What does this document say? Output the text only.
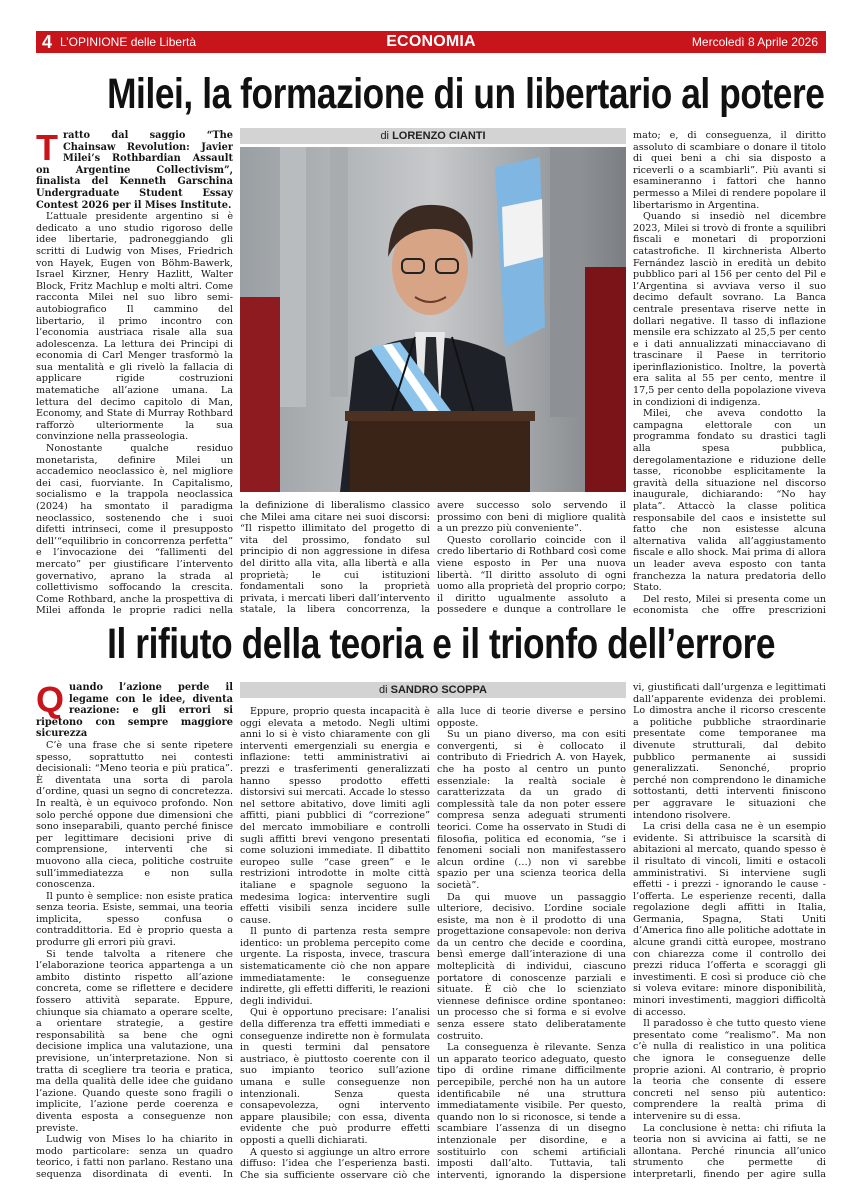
4 L’OPINIONE delle Libertà	ECONOMIA	Mercoledì 8 Aprile 2026
Milei, la formazione di un libertario al potere
di LORENZO CIANTI

Tratto dal saggio “The Chainsaw Revolution: Javier Milei’s Rothbardian Assault on Argentine Collectivism”, finalista del Kenneth Garschina Undergraduate Student Essay Contest 2026 per il Mises Institute.

L’attuale presidente argentino si è dedicato a uno studio rigoroso delle idee libertarie, padroneggiando gli scritti di Ludwig von Mises, Friedrich von Hayek, Eugen von Böhm-Bawerk, Israel Kirzner, Henry Hazlitt, Walter Block, Fritz Machlup e molti altri. Come racconta Milei nel suo libro semi-autobiografico Il cammino del libertario, il primo incontro con l’economia austriaca risale alla sua adolescenza. La lettura dei Principi di economia di Carl Menger trasformò la sua mentalità e gli rivelò la fallacia di applicare rigide costruzioni matematiche all’azione umana. La lettura del decimo capitolo di Man, Economy, and State di Murray Rothbard rafforzò ulteriormente la sua convinzione nella prasseologia.

Nonostante qualche residuo monetarista, definire Milei un accademico neoclassico è, nel migliore dei casi, fuorviante. In Capitalismo, socialismo e la trappola neoclassica (2024) ha smontato il paradigma neoclassico, sostenendo che i suoi difetti intrinseci, come il presupposto dell’“equilibrio in concorrenza perfetta” e l’invocazione dei “fallimenti del mercato” per giustificare l’intervento governativo, aprano la strada al collettivismo soffocando la crescita. Come Rothbard, anche la prospettiva di Milei affonda le proprie radici nella

la definizione di liberalismo classico che Milei ama citare nei suoi discorsi: “Il rispetto illimitato del progetto di vita del prossimo, fondato sul principio di non aggressione in difesa del diritto alla vita, alla libertà e alla proprietà; le cui istituzioni fondamentali sono la proprietà privata, i mercati liberi dall’intervento statale, la libera concorrenza, la

avere successo solo servendo il prossimo con beni di migliore qualità a un prezzo più conveniente”.

Questo corollario coincide con il credo libertario di Rothbard così come viene esposto in Per una nuova libertà. “Il diritto assoluto di ogni uomo alla proprietà del proprio corpo; il diritto ugualmente assoluto a possedere e dunque a controllare le

mato; e, di conseguenza, il diritto assoluto di scambiare o donare il titolo di quei beni a chi sia disposto a riceverli o a scambiarli”. Più avanti si esamineranno i fattori che hanno permesso a Milei di rendere popolare il libertarismo in Argentina.

Quando si insediò nel dicembre 2023, Milei si trovò di fronte a squilibri fiscali e monetari di proporzioni catastrofiche. Il kirchnerista Alberto Fernández lasciò in eredità un debito pubblico pari al 156 per cento del Pil e l’Argentina si avviava verso il suo decimo default sovrano. La Banca centrale presentava riserve nette in dollari negative. Il tasso di inflazione mensile era schizzato al 25,5 per cento e i dati annualizzati minacciavano di trascinare il Paese in territorio iperinflazionistico. Inoltre, la povertà era salita al 55 per cento, mentre il 17,5 per cento della popolazione viveva in condizioni di indigenza.

Milei, che aveva condotto la campagna elettorale con un programma fondato su drastici tagli alla spesa pubblica, deregolamentazione e riduzione delle tasse, riconobbe esplicitamente la gravità della situazione nel discorso inaugurale, dichiarando: “No hay plata”. Attaccò la classe politica responsabile del caos e insistette sul fatto che non esistesse alcuna alternativa valida all’aggiustamento fiscale e allo shock. Mai prima di allora un leader aveva esposto con tanta franchezza la natura predatoria dello Stato.

Del resto, Milei si presenta come un economista che offre prescrizioni

Il rifiuto della teoria e il trionfo dell’errore
di SANDRO SCOPPA

Quando l’azione perde il legame con le idee, diventa reazione: e gli errori si ripetono con sempre maggiore sicurezza

C’è una frase che si sente ripetere spesso, soprattutto nei contesti decisionali: “Meno teoria e più pratica”. È diventata una sorta di parola d’ordine, quasi un segno di concretezza. In realtà, è un equivoco profondo. Non solo perché oppone due dimensioni che sono inseparabili, quanto perché finisce per legittimare decisioni prive di comprensione, interventi che si muovono alla cieca, politiche costruite sull’immediatezza e non sulla conoscenza.

Il punto è semplice: non esiste pratica senza teoria. Esiste, semmai, una teoria implicita, spesso confusa o contraddittoria. Ed è proprio questa a produrre gli errori più gravi.

Si tende talvolta a ritenere che l’elaborazione teorica appartenga a un ambito distinto rispetto all’azione concreta, come se riflettere e decidere fossero attività separate. Eppure, chiunque sia chiamato a operare scelte, a orientare strategie, a gestire responsabilità sa bene che ogni decisione implica una valutazione, una previsione, un’interpretazione. Non si tratta di scegliere tra teoria e pratica, ma della qualità delle idee che guidano l’azione. Quando queste sono fragili o implicite, l’azione perde coerenza e diventa esposta a conseguenze non previste.

Ludwig von Mises lo ha chiarito in modo particolare: senza un quadro teorico, i fatti non parlano. Restano una sequenza disordinata di eventi. In

Eppure, proprio questa incapacità è oggi elevata a metodo. Negli ultimi anni lo si è visto chiaramente con gli interventi emergenziali su energia e inflazione: tetti amministrativi ai prezzi e trasferimenti generalizzati hanno spesso prodotto effetti distorsivi sui mercati. Accade lo stesso nel settore abitativo, dove limiti agli affitti, piani pubblici di “correzione” del mercato immobiliare e controlli sugli affitti brevi vengono presentati come soluzioni immediate. Il dibattito europeo sulle “case green” e le restrizioni introdotte in molte città italiane e spagnole seguono la medesima logica: interventire sugli effetti visibili senza incidere sulle cause.

Il punto di partenza resta sempre identico: un problema percepito come urgente. La risposta, invece, trascura sistematicamente ciò che non appare immediatamente: le conseguenze indirette, gli effetti differiti, le reazioni degli individui.

Qui è opportuno precisare: l’analisi della differenza tra effetti immediati e conseguenze indirette non è formulata in questi termini dal pensatore austriaco, è piuttosto coerente con il suo impianto teorico sull’azione umana e sulle conseguenze non intenzionali. Senza questa consapevolezza, ogni intervento appare plausibile; con essa, diventa evidente che può produrre effetti opposti a quelli dichiarati.

A questo si aggiunge un altro errore diffuso: l’idea che l’esperienza basti. Che sia sufficiente osservare ciò che

alla luce di teorie diverse e persino opposte.

Su un piano diverso, ma con esiti convergenti, si è collocato il contributo di Friedrich A. von Hayek, che ha posto al centro un punto essenziale: la realtà sociale è caratterizzata da un grado di complessità tale da non poter essere compresa senza adeguati strumenti teorici. Come ha osservato in Studi di filosofia, politica ed economia, “se i fenomeni sociali non manifestassero alcun ordine (…) non vi sarebbe spazio per una scienza teorica della società”.

Da qui muove un passaggio ulteriore, decisivo. L’ordine sociale esiste, ma non è il prodotto di una progettazione consapevole: non deriva da un centro che decide e coordina, bensì emerge dall’interazione di una molteplicità di individui, ciascuno portatore di conoscenze parziali e situate. È ciò che lo scienziato viennese definisce ordine spontaneo: un processo che si forma e si evolve senza essere stato deliberatamente costruito.

La conseguenza è rilevante. Senza un apparato teorico adeguato, questo tipo di ordine rimane difficilmente percepibile, perché non ha un autore identificabile né una struttura immediatamente visibile. Per questo, quando non lo si riconosce, si tende a scambiare l’assenza di un disegno intenzionale per disordine, e a sostituirlo con schemi artificiali imposti dall’alto. Tuttavia, tali interventi, ignorando la dispersione

vi, giustificati dall’urgenza e legittimati dall’apparente evidenza dei problemi. Lo dimostra anche il ricorso crescente a politiche pubbliche straordinarie presentate come temporanee ma divenute strutturali, dal debito pubblico permanente ai sussidi generalizzati. Senonché, proprio perché non comprendono le dinamiche sottostanti, detti interventi finiscono per aggravare le situazioni che intendono risolvere.

La crisi della casa ne è un esempio evidente. Si attribuisce la scarsità di abitazioni al mercato, quando spesso è il risultato di vincoli, limiti e ostacoli amministrativi. Si interviene sugli effetti - i prezzi - ignorando le cause - l’offerta. Le esperienze recenti, dalla regolazione degli affitti in Italia, Germania, Spagna, Stati Uniti d’America fino alle politiche adottate in alcune grandi città europee, mostrano con chiarezza come il controllo dei prezzi riduca l’offerta e scoraggi gli investimenti. E così si produce ciò che si voleva evitare: minore disponibilità, minori investimenti, maggiori difficoltà di accesso.

Il paradosso è che tutto questo viene presentato come “realismo”. Ma non c’è nulla di realistico in una politica che ignora le conseguenze delle proprie azioni. Al contrario, è proprio la teoria che consente di essere concreti nel senso più autentico: comprendere la realtà prima di intervenire su di essa.

La conclusione è netta: chi rifiuta la teoria non si avvicina ai fatti, se ne allontana. Perché rinuncia all’unico strumento che permette di interpretarli, finendo per agire sulla
